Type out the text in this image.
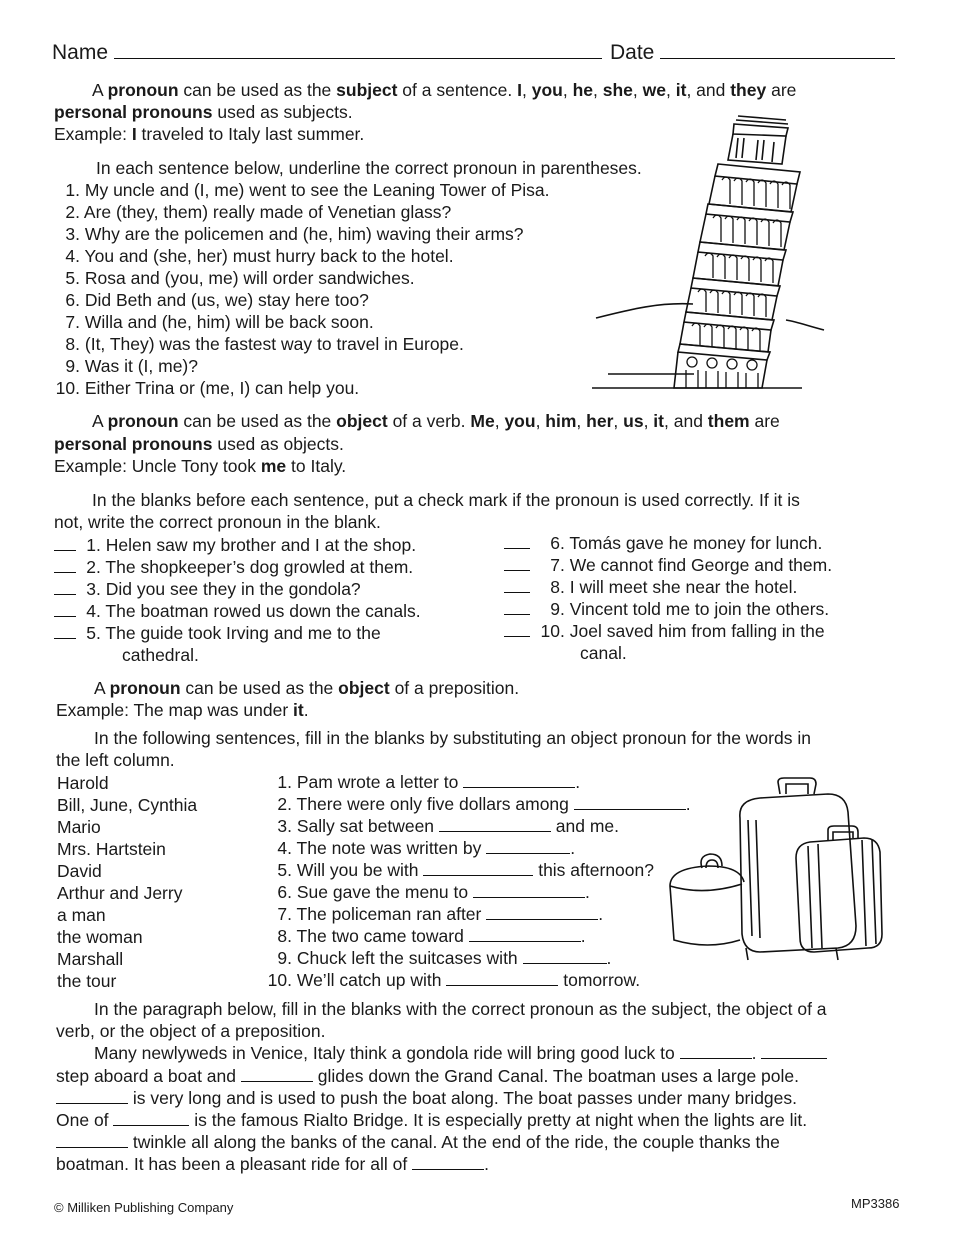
Name	Date
A pronoun can be used as the subject of a sentence. I, you, he, she, we, it, and they are
personal pronouns used as subjects.
Example: I traveled to Italy last summer.
In each sentence below, underline the correct pronoun in parentheses.
1. My uncle and (I, me) went to see the Leaning Tower of Pisa.
2. Are (they, them) really made of Venetian glass?
3. Why are the policemen and (he, him) waving their arms?
4. You and (she, her) must hurry back to the hotel.
5. Rosa and (you, me) will order sandwiches.
6. Did Beth and (us, we) stay here too?
7. Willa and (he, him) will be back soon.
8. (It, They) was the fastest way to travel in Europe.
9. Was it (I, me)?
10. Either Trina or (me, I) can help you.
A pronoun can be used as the object of a verb. Me, you, him, her, us, it, and them are
personal pronouns used as objects.
Example: Uncle Tony took me to Italy.
In the blanks before each sentence, put a check mark if the pronoun is used correctly. If it is
not, write the correct pronoun in the blank.
1. Helen saw my brother and I at the shop.
2. The shopkeeper’s dog growled at them.
3. Did you see they in the gondola?
4. The boatman rowed us down the canals.
5. The guide took Irving and me to the
cathedral.
6. Tomás gave he money for lunch.
7. We cannot find George and them.
8. I will meet she near the hotel.
9. Vincent told me to join the others.
10. Joel saved him from falling in the
canal.
A pronoun can be used as the object of a preposition.
Example: The map was under it.
In the following sentences, fill in the blanks by substituting an object pronoun for the words in
the left column.
Harold
Bill, June, Cynthia
Mario
Mrs. Hartstein
David
Arthur and Jerry
a man
the woman
Marshall
the tour
1. Pam wrote a letter to	.
2. There were only five dollars among	.
3. Sally sat between	and me.
4. The note was written by	.
5. Will you be with	this afternoon?
6. Sue gave the menu to	.
7. The policeman ran after	.
8. The two came toward	.
9. Chuck left the suitcases with	.
10. We’ll catch up with	tomorrow.
In the paragraph below, fill in the blanks with the correct pronoun as the subject, the object of a
verb, or the object of a preposition.
Many newlyweds in Venice, Italy think a gondola ride will bring good luck to	.
step aboard a boat and	glides down the Grand Canal. The boatman uses a large pole.
is very long and is used to push the boat along. The boat passes under many bridges.
One of	is the famous Rialto Bridge. It is especially pretty at night when the lights are lit.
twinkle all along the banks of the canal. At the end of the ride, the couple thanks the
boatman. It has been a pleasant ride for all of	.
© Milliken Publishing Company	MP3386
